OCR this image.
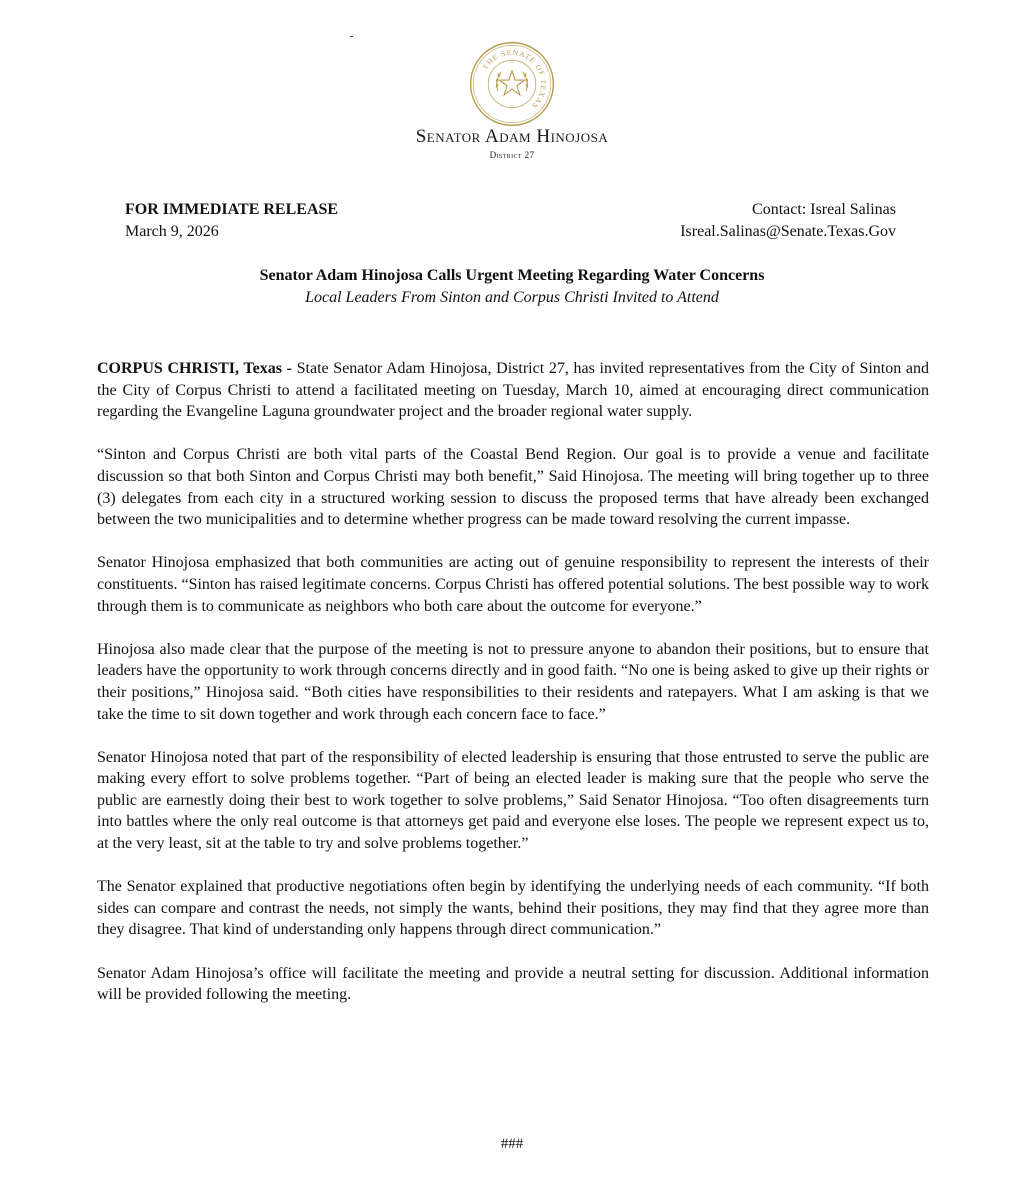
THE SENATE OF TEXAS
Senator Adam Hinojosa
District 27
FOR IMMEDIATE RELEASE
March 9, 2026
Contact: Isreal Salinas
Isreal.Salinas@Senate.Texas.Gov
Senator Adam Hinojosa Calls Urgent Meeting Regarding Water Concerns
Local Leaders From Sinton and Corpus Christi Invited to Attend

CORPUS CHRISTI, Texas - State Senator Adam Hinojosa, District 27, has invited representatives from the City of Sinton and the City of Corpus Christi to attend a facilitated meeting on Tuesday, March 10, aimed at encouraging direct communication regarding the Evangeline Laguna groundwater project and the broader regional water supply.

“Sinton and Corpus Christi are both vital parts of the Coastal Bend Region. Our goal is to provide a venue and facilitate discussion so that both Sinton and Corpus Christi may both benefit,” Said Hinojosa. The meeting will bring together up to three (3) delegates from each city in a structured working session to discuss the proposed terms that have already been exchanged between the two municipalities and to determine whether progress can be made toward resolving the current impasse.

Senator Hinojosa emphasized that both communities are acting out of genuine responsibility to represent the interests of their constituents. “Sinton has raised legitimate concerns. Corpus Christi has offered potential solutions. The best possible way to work through them is to communicate as neighbors who both care about the outcome for everyone.”

Hinojosa also made clear that the purpose of the meeting is not to pressure anyone to abandon their positions, but to ensure that leaders have the opportunity to work through concerns directly and in good faith. “No one is being asked to give up their rights or their positions,” Hinojosa said. “Both cities have responsibilities to their residents and ratepayers. What I am asking is that we take the time to sit down together and work through each concern face to face.”

Senator Hinojosa noted that part of the responsibility of elected leadership is ensuring that those entrusted to serve the public are making every effort to solve problems together. “Part of being an elected leader is making sure that the people who serve the public are earnestly doing their best to work together to solve problems,” Said Senator Hinojosa. “Too often disagreements turn into battles where the only real outcome is that attorneys get paid and everyone else loses. The people we represent expect us to, at the very least, sit at the table to try and solve problems together.”

The Senator explained that productive negotiations often begin by identifying the underlying needs of each community. “If both sides can compare and contrast the needs, not simply the wants, behind their positions, they may find that they agree more than they disagree. That kind of understanding only happens through direct communication.”

Senator Adam Hinojosa’s office will facilitate the meeting and provide a neutral setting for discussion. Additional information will be provided following the meeting.

###
